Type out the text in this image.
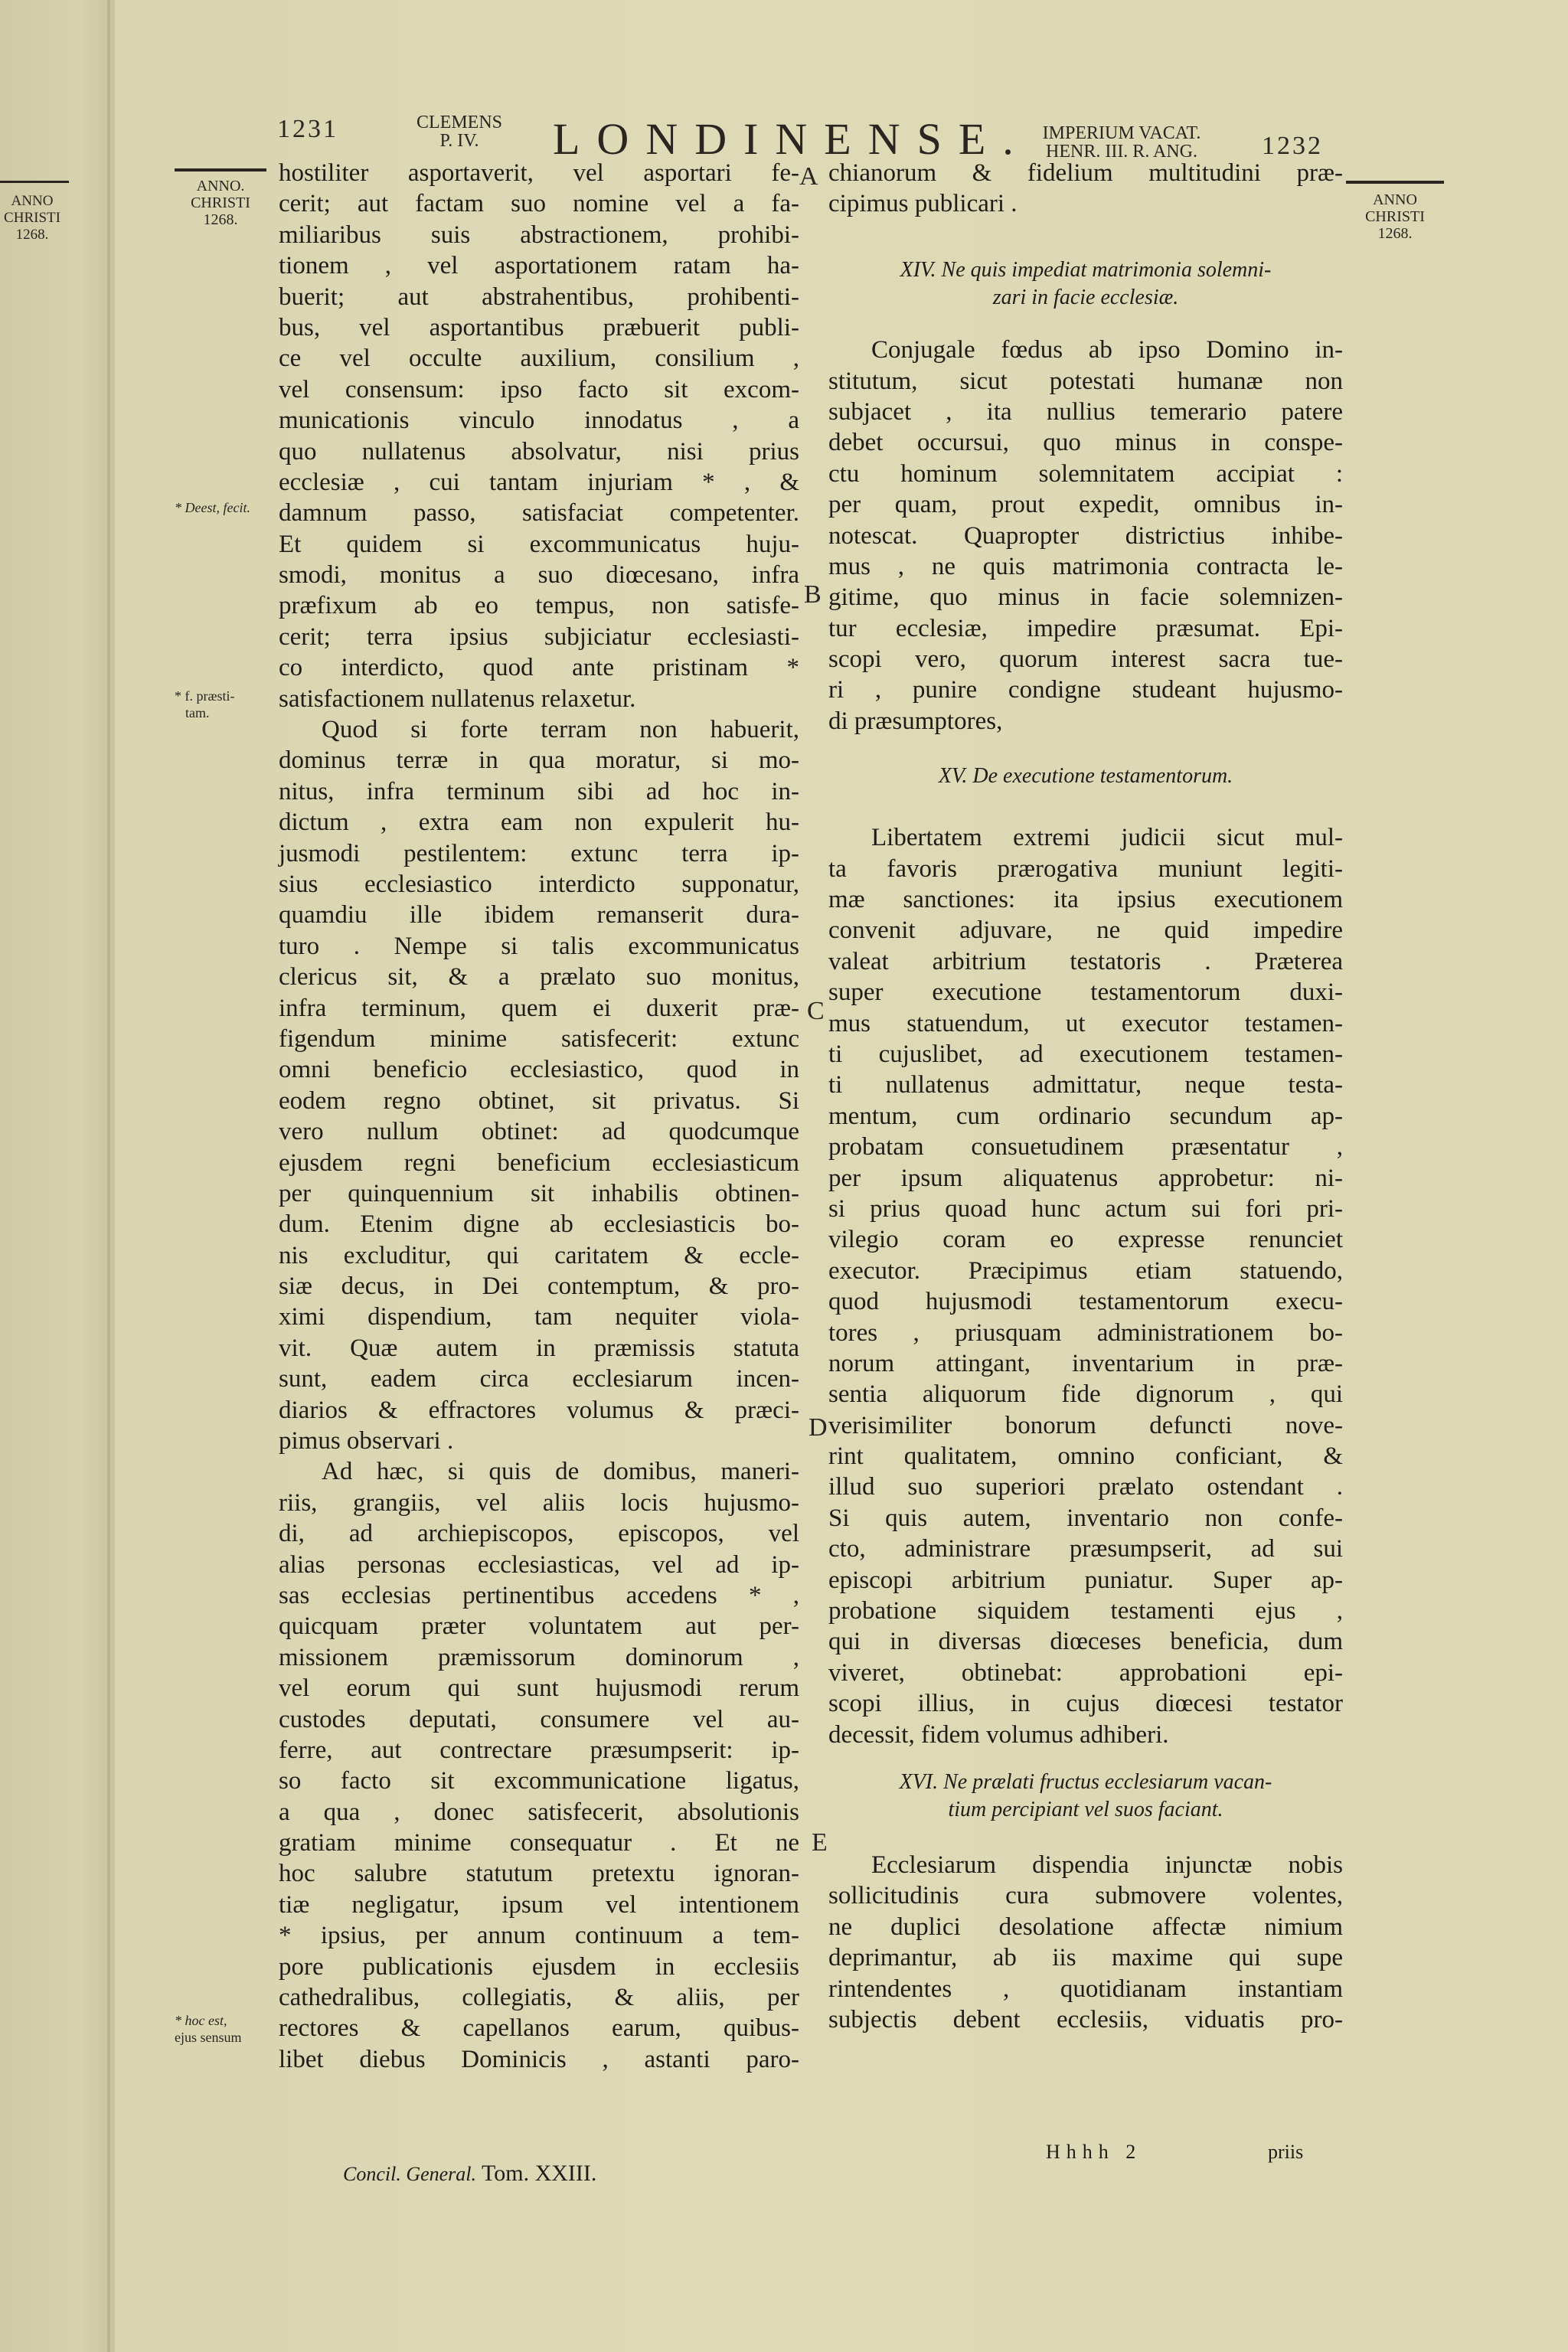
ANNO
CHRISTI
1268.
1231	CLEMENS
P. IV.	LONDINENSE. IMPERIUM VACAT.
HENR. III. R. ANG.	1232
ANNO.
CHRISTI
1268.
ANNO
CHRISTI
1268.
* Deest, fecit.
* f. præsti-
tam.
* hoc est,
ejus sensum
A
B
C
D
E
hostiliter asportaverit, vel asportari fe-
cerit; aut factam suo nomine vel a fa-
miliaribus suis abstractionem, prohibi-
tionem , vel asportationem ratam ha-
buerit; aut abstrahentibus, prohibenti-
bus, vel asportantibus præbuerit publi-
ce vel occulte auxilium, consilium ,
vel consensum: ipso facto sit excom-
municationis vinculo innodatus , a
quo nullatenus absolvatur, nisi prius
ecclesiæ , cui tantam injuriam * , &
damnum passo, satisfaciat competenter.
Et quidem si excommunicatus huju-
smodi, monitus a suo diœcesano, infra
præfixum ab eo tempus, non satisfe-
cerit; terra ipsius subjiciatur ecclesiasti-
co interdicto, quod ante pristinam *
satisfactionem nullatenus relaxetur.
Quod si forte terram non habuerit,
dominus terræ in qua moratur, si mo-
nitus, infra terminum sibi ad hoc in-
dictum , extra eam non expulerit hu-
jusmodi pestilentem: extunc terra ip-
sius ecclesiastico interdicto supponatur,
quamdiu ille ibidem remanserit dura-
turo . Nempe si talis excommunicatus
clericus sit, & a prælato suo monitus,
infra terminum, quem ei duxerit præ-
figendum minime satisfecerit: extunc
omni beneficio ecclesiastico, quod in
eodem regno obtinet, sit privatus. Si
vero nullum obtinet: ad quodcumque
ejusdem regni beneficium ecclesiasticum
per quinquennium sit inhabilis obtinen-
dum. Etenim digne ab ecclesiasticis bo-
nis excluditur, qui caritatem & eccle-
siæ decus, in Dei contemptum, & pro-
ximi dispendium, tam nequiter viola-
vit. Quæ autem in præmissis statuta
sunt, eadem circa ecclesiarum incen-
diarios & effractores volumus & præci-
pimus observari .
Ad hæc, si quis de domibus, maneri-
riis, grangiis, vel aliis locis hujusmo-
di, ad archiepiscopos, episcopos, vel
alias personas ecclesiasticas, vel ad ip-
sas ecclesias pertinentibus accedens * ,
quicquam præter voluntatem aut per-
missionem præmissorum dominorum ,
vel eorum qui sunt hujusmodi rerum
custodes deputati, consumere vel au-
ferre, aut contrectare præsumpserit: ip-
so facto sit excommunicatione ligatus,
a qua , donec satisfecerit, absolutionis
gratiam minime consequatur . Et ne
hoc salubre statutum pretextu ignoran-
tiæ negligatur, ipsum vel intentionem
* ipsius, per annum continuum a tem-
pore publicationis ejusdem in ecclesiis
cathedralibus, collegiatis, & aliis, per
rectores & capellanos earum, quibus-
libet diebus Dominicis , astanti paro-
chianorum & fidelium multitudini præ-
cipimus publicari .
XIV. Ne quis impediat matrimonia solemni-
zari in facie ecclesiæ.
Conjugale fœdus ab ipso Domino in-
stitutum, sicut potestati humanæ non
subjacet , ita nullius temerario patere
debet occursui, quo minus in conspe-
ctu hominum solemnitatem accipiat :
per quam, prout expedit, omnibus in-
notescat. Quapropter districtius inhibe-
mus , ne quis matrimonia contracta le-
gitime, quo minus in facie solemnizen-
tur ecclesiæ, impedire præsumat. Epi-
scopi vero, quorum interest sacra tue-
ri , punire condigne studeant hujusmo-
di præsumptores,
XV. De executione testamentorum.
Libertatem extremi judicii sicut mul-
ta favoris prærogativa muniunt legiti-
mæ sanctiones: ita ipsius executionem
convenit adjuvare, ne quid impedire
valeat arbitrium testatoris . Præterea
super executione testamentorum duxi-
mus statuendum, ut executor testamen-
ti cujuslibet, ad executionem testamen-
ti nullatenus admittatur, neque testa-
mentum, cum ordinario secundum ap-
probatam consuetudinem præsentatur ,
per ipsum aliquatenus approbetur: ni-
si prius quoad hunc actum sui fori pri-
vilegio coram eo expresse renunciet
executor. Præcipimus etiam statuendo,
quod hujusmodi testamentorum execu-
tores , priusquam administrationem bo-
norum attingant, inventarium in præ-
sentia aliquorum fide dignorum , qui
verisimiliter bonorum defuncti nove-
rint qualitatem, omnino conficiant, &
illud suo superiori prælato ostendant .
Si quis autem, inventario non confe-
cto, administrare præsumpserit, ad sui
episcopi arbitrium puniatur. Super ap-
probatione siquidem testamenti ejus ,
qui in diversas diœceses beneficia, dum
viveret, obtinebat: approbationi epi-
scopi illius, in cujus diœcesi testator
decessit, fidem volumus adhiberi.
XVI. Ne prælati fructus ecclesiarum vacan-
tium percipiant vel suos faciant.
Ecclesiarum dispendia injunctæ nobis
sollicitudinis cura submovere volentes,
ne duplici desolatione affectæ nimium
deprimantur, ab iis maxime qui supe
rintendentes , quotidianam instantiam
subjectis debent ecclesiis, viduatis pro-
Concil. General. Tom. XXIII.
Hhhh 2	priis
